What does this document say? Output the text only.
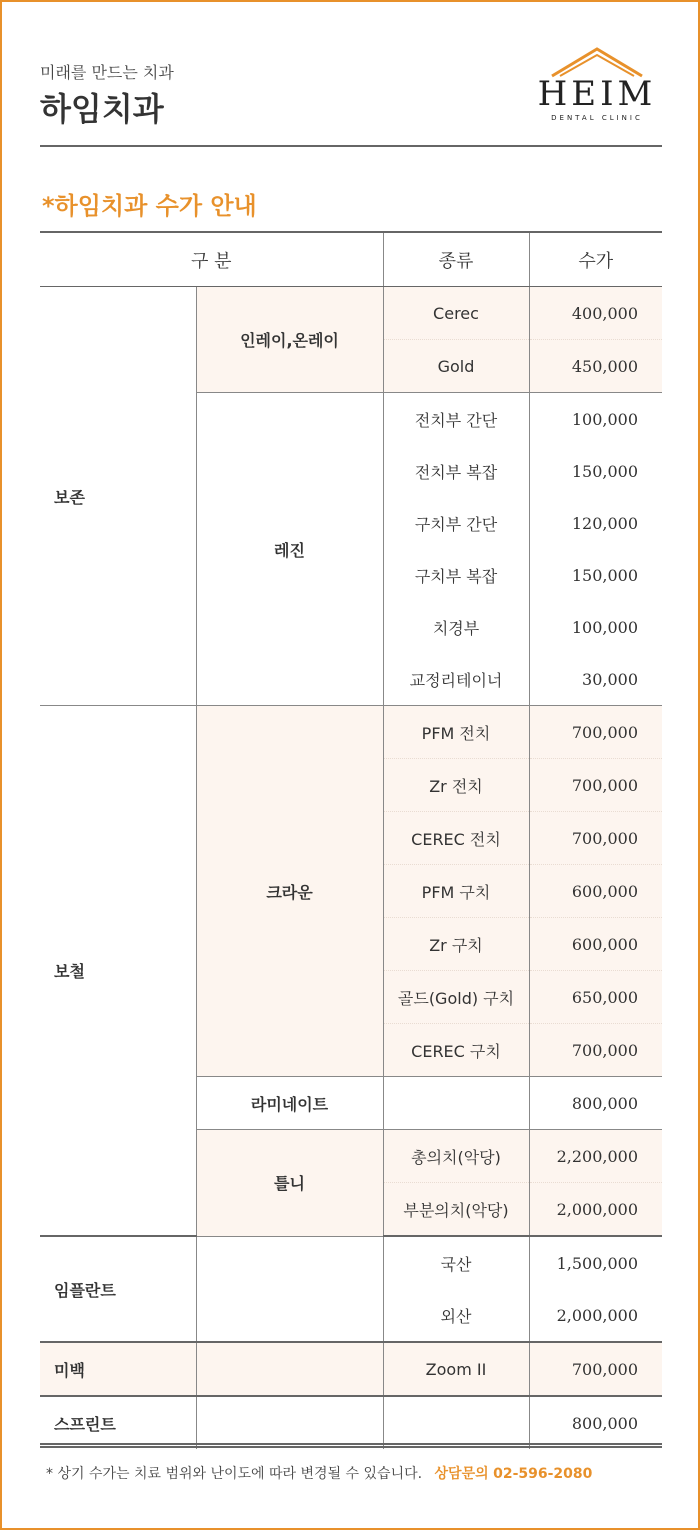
미래를 만드는 치과
하임치과	HEIM
DENTAL CLINIC
*하임치과 수가 안내
구 분		종류	수가
보존	인레이,온레이	Cerec	400,000
		Gold	450,000
	레진	전치부 간단	100,000
		전치부 복잡	150,000
		구치부 간단	120,000
		구치부 복잡	150,000
		치경부	100,000
		교정리테이너	30,000
보철	크라운	PFM 전치	700,000
		Zr 전치	700,000
		CEREC 전치	700,000
		PFM 구치	600,000
		Zr 구치	600,000
		골드(Gold) 구치	650,000
		CEREC 구치	700,000
	라미네이트		800,000
	틀니	총의치(악당)	2,200,000
		부분의치(악당)	2,000,000
임플란트		국산	1,500,000
		외산	2,000,000
미백		Zoom II	700,000
스프린트			800,000
* 상기 수가는 치료 범위와 난이도에 따라 변경될 수 있습니다. 상담문의 02-596-2080
